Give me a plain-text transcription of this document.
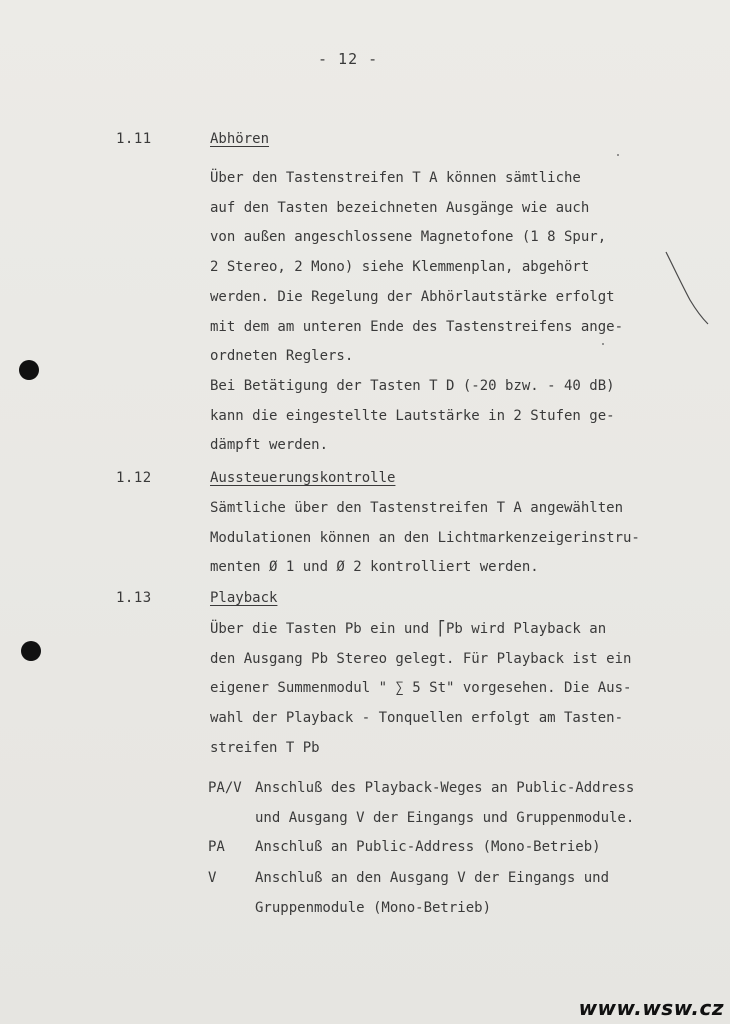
- 12 -
1.11	Abhören
Über den Tastenstreifen T A können sämtliche
auf den Tasten bezeichneten Ausgänge wie auch
von außen angeschlossene Magnetofone (1 8 Spur,
2 Stereo, 2 Mono) siehe Klemmenplan, abgehört
werden. Die Regelung der Abhörlautstärke erfolgt
mit dem am unteren Ende des Tastenstreifens ange-
ordneten Reglers.
Bei Betätigung der Tasten T D (-20 bzw. - 40 dB)
kann die eingestellte Lautstärke in 2 Stufen ge-
dämpft werden.
1.12	Aussteuerungskontrolle
Sämtliche über den Tastenstreifen T A angewählten
Modulationen können an den Lichtmarkenzeigerinstru-
menten Ø 1 und Ø 2 kontrolliert werden.
1.13	Playback
Über die Tasten Pb ein und ⎡Pb wird Playback an
den Ausgang Pb Stereo gelegt. Für Playback ist ein
eigener Summenmodul " ∑ 5 St" vorgesehen. Die Aus-
wahl der Playback - Tonquellen erfolgt am Tasten-
streifen T Pb
PA/V Anschluß des Playback-Weges an Public-Address
und Ausgang V der Eingangs und Gruppenmodule.
PA Anschluß an Public-Address (Mono-Betrieb)
V	Anschluß an den Ausgang V der Eingangs und
Gruppenmodule (Mono-Betrieb)
www.wsw.cz
